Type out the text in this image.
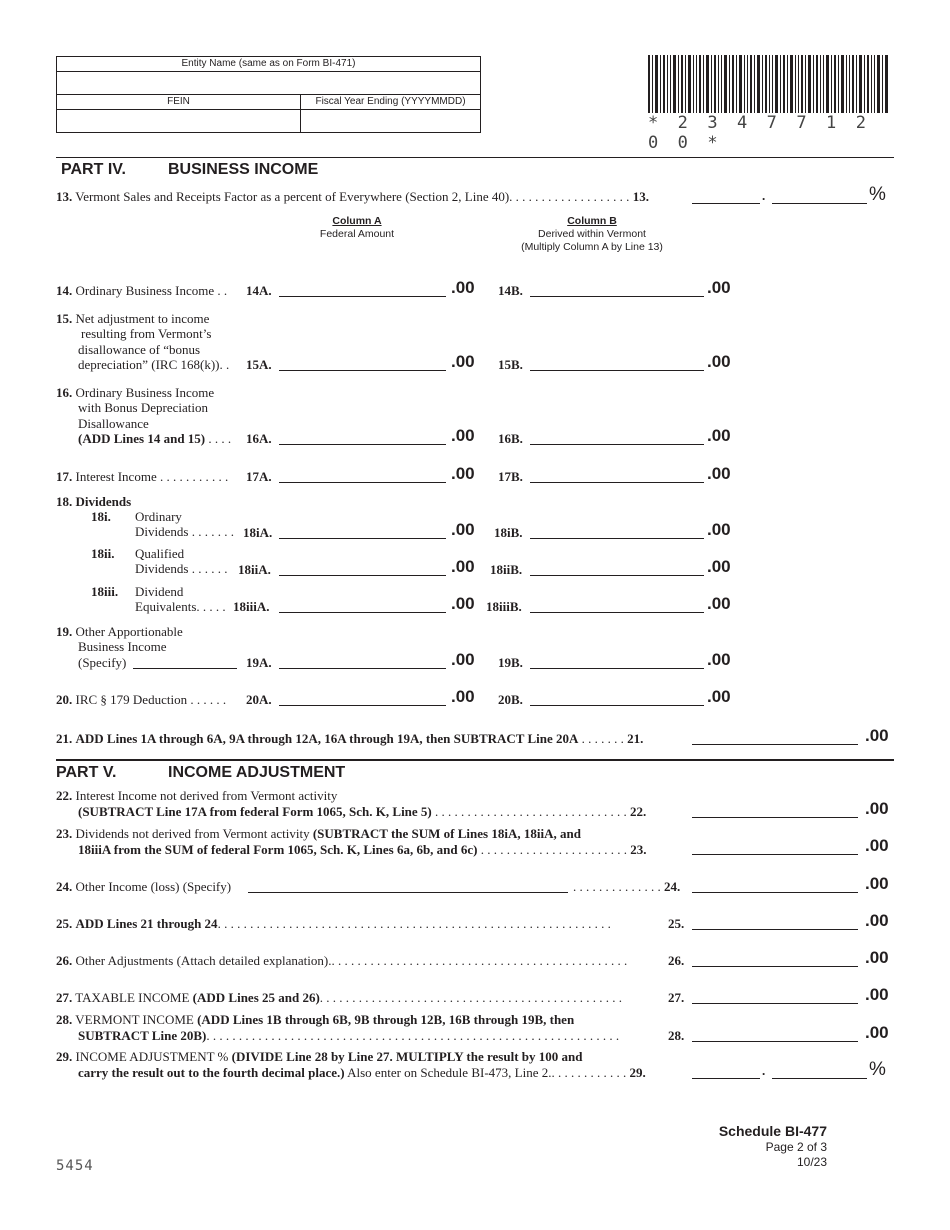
Entity Name (same as on Form BI-471)
FEIN	Fiscal Year Ending (YYYYMMDD)
* 2 3 4 7 7 1 2 0 0 *
PART IV.	BUSINESS INCOME
13. Vermont Sales and Receipts Factor as a percent of Everywhere (Section 2, Line 40). . . . . . . . . . . . . . . . . . . 13.	.	%
Column A
Federal Amount
Column B
Derived within Vermont
(Multiply Column A by Line 13)
14. Ordinary Business Income . . 14A.	.00 14B.	.00
15. Net adjustment to income
resulting from Vermont’s
disallowance of “bonus
depreciation” (IRC 168(k)). . 15A.	.00 15B.	.00
16. Ordinary Business Income
with Bonus Depreciation
Disallowance
(ADD Lines 14 and 15) . . . . 16A.	.00 16B.	.00
17. Interest Income . . . . . . . . . . . 17A.	.00 17B.	.00
18. Dividends
18i. Ordinary
Dividends . . . . . . . 18iA.	.00 18iB.	.00
18ii. Qualified
Dividends . . . . . . 18iiA.	.00 18iiB.	.00
18iii. Dividend
Equivalents. . . . . 18iiiA.	.00 18iiiB.	.00
19. Other Apportionable
Business Income
(Specify)	19A.	.00 19B.	.00
20. IRC § 179 Deduction . . . . . . 20A.	.00 20B.	.00
21. ADD Lines 1A through 6A, 9A through 12A, 16A through 19A, then SUBTRACT Line 20A . . . . . . . 21.	.00
PART V.	INCOME ADJUSTMENT
22. Interest Income not derived from Vermont activity
(SUBTRACT Line 17A from federal Form 1065, Sch. K, Line 5) . . . . . . . . . . . . . . . . . . . . . . . . . . . . . . 22.	.00
23. Dividends not derived from Vermont activity (SUBTRACT the SUM of Lines 18iA, 18iiA, and
18iiiA from the SUM of federal Form 1065, Sch. K, Lines 6a, 6b, and 6c) . . . . . . . . . . . . . . . . . . . . . . . 23.	.00
24. Other Income (loss) (Specify)	. . . . . . . . . . . . . . 24.	.00
25. ADD Lines 21 through 24. . . . . . . . . . . . . . . . . . . . . . . . . . . . . . . . . . . . . . . . . . . . . . . . . . . . . . . . . . . . .	25.	.00
26. Other Adjustments (Attach detailed explanation).. . . . . . . . . . . . . . . . . . . . . . . . . . . . . . . . . . . . . . . . . . . . . .	26.	.00
27. TAXABLE INCOME (ADD Lines 25 and 26). . . . . . . . . . . . . . . . . . . . . . . . . . . . . . . . . . . . . . . . . . . . . . .	27.	.00
28. VERMONT INCOME (ADD Lines 1B through 6B, 9B through 12B, 16B through 19B, then
SUBTRACT Line 20B). . . . . . . . . . . . . . . . . . . . . . . . . . . . . . . . . . . . . . . . . . . . . . . . . . . . . . . . . . . . . . . .	28.	.00
29. INCOME ADJUSTMENT % (DIVIDE Line 28 by Line 27. MULTIPLY the result by 100 and
carry the result out to the fourth decimal place.) Also enter on Schedule BI-473, Line 2.. . . . . . . . . . . . 29.	.	%
5454
Schedule BI-477
Page 2 of 3
10/23
